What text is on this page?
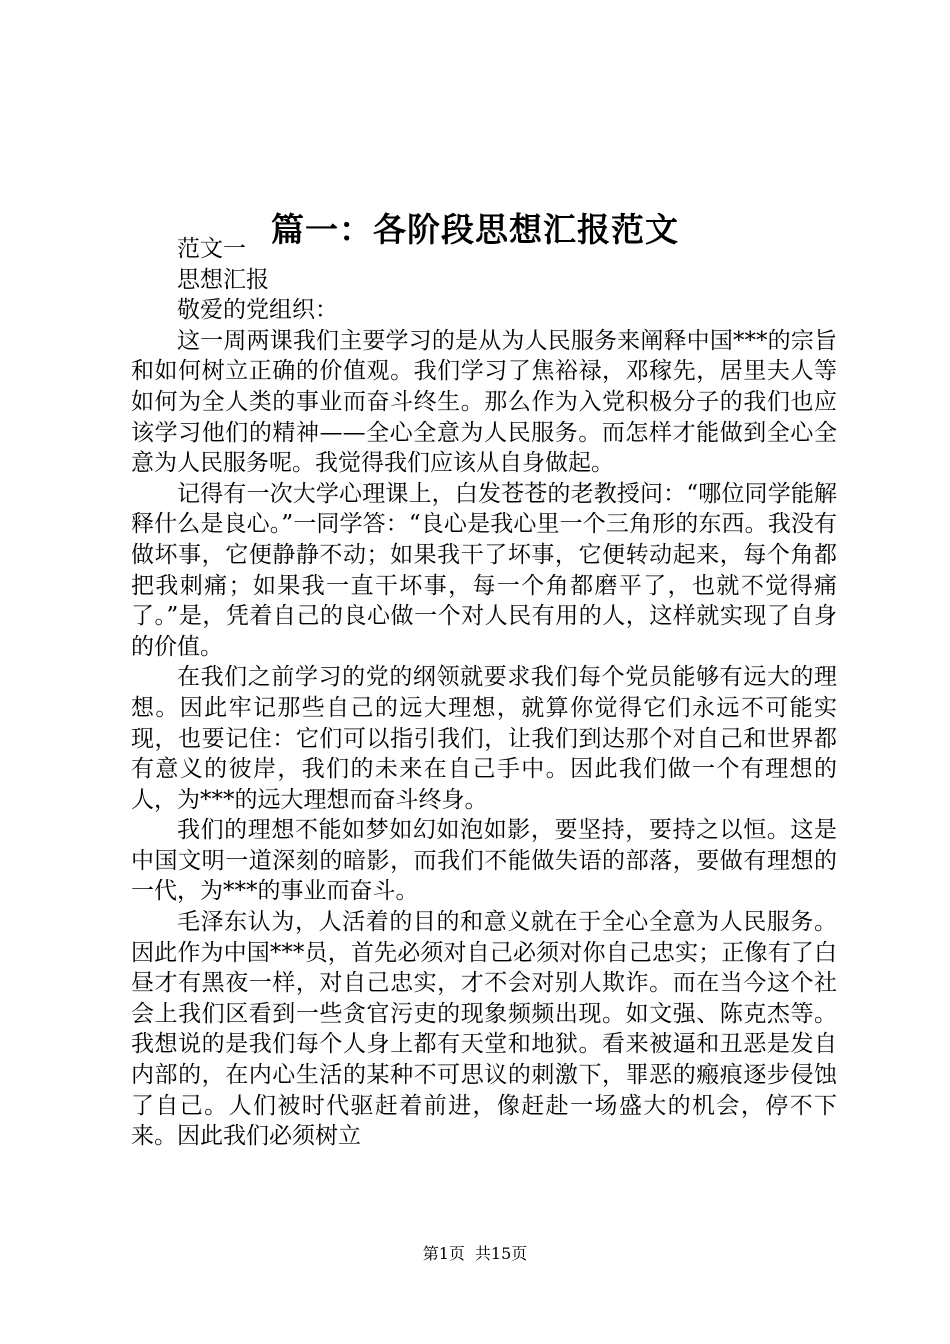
篇一：各阶段思想汇报范文

范文一

思想汇报

敬爱的党组织：

这一周两课我们主要学习的是从为人民服务来阐释中国***的宗旨和如何树立正确的价值观。我们学习了焦裕禄，邓稼先，居里夫人等如何为全人类的事业而奋斗终生。那么作为入党积极分子的我们也应该学习他们的精神——全心全意为人民服务。而怎样才能做到全心全意为人民服务呢。我觉得我们应该从自身做起。

记得有一次大学心理课上，白发苍苍的老教授问：“哪位同学能解释什么是良心。”一同学答：“良心是我心里一个三角形的东西。我没有做坏事，它便静静不动；如果我干了坏事，它便转动起来，每个角都把我刺痛；如果我一直干坏事，每一个角都磨平了，也就不觉得痛了。”是，凭着自己的良心做一个对人民有用的人，这样就实现了自身的价值。

在我们之前学习的党的纲领就要求我们每个党员能够有远大的理想。因此牢记那些自己的远大理想，就算你觉得它们永远不可能实现，也要记住：它们可以指引我们，让我们到达那个对自己和世界都有意义的彼岸，我们的未来在自己手中。因此我们做一个有理想的人，为***的远大理想而奋斗终身。

我们的理想不能如梦如幻如泡如影，要坚持，要持之以恒。这是中国文明一道深刻的暗影，而我们不能做失语的部落，要做有理想的一代，为***的事业而奋斗。

毛泽东认为，人活着的目的和意义就在于全心全意为人民服务。因此作为中国***员，首先必须对自己必须对你自己忠实；正像有了白昼才有黑夜一样，对自己忠实，才不会对别人欺诈。而在当今这个社会上我们区看到一些贪官污吏的现象频频出现。如文强、陈克杰等。我想说的是我们每个人身上都有天堂和地狱。看来被逼和丑恶是发自内部的，在内心生活的某种不可思议的刺激下，罪恶的瘢痕逐步侵蚀了自己。人们被时代驱赶着前进，像赶赴一场盛大的机会，停不下来。因此我们必须树立

第1页 共15页
